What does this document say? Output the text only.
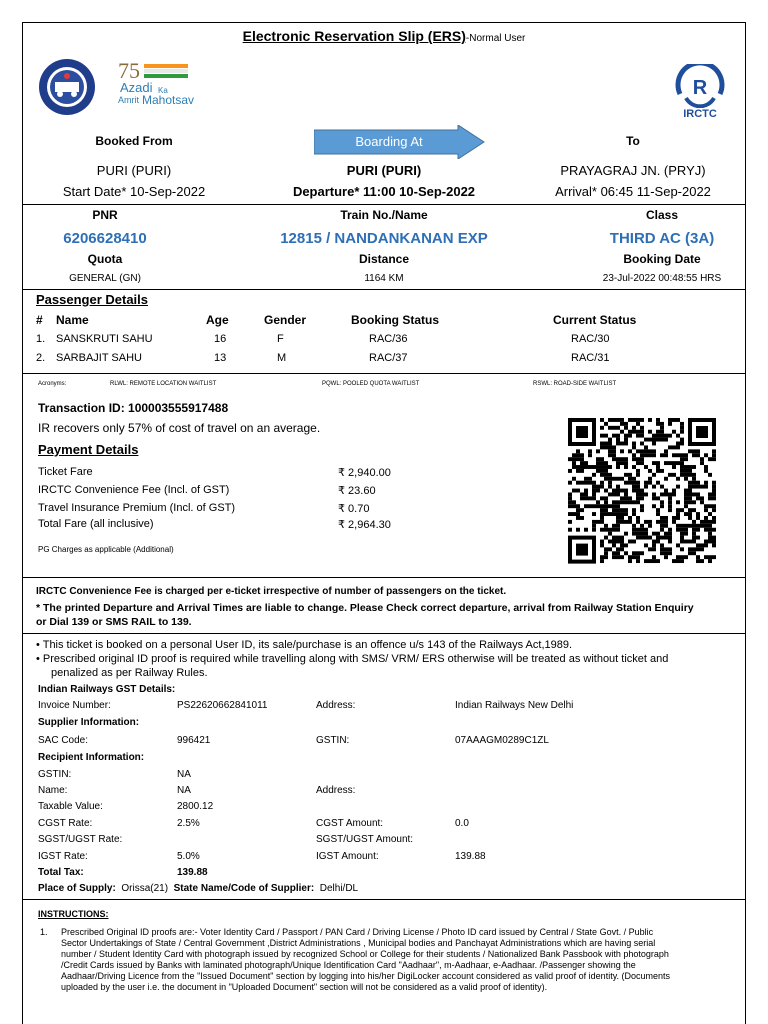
Electronic Reservation Slip (ERS)-Normal User
75
Azadi Ka
Amrit Mahotsav
R
IRCTC
Booked From	Boarding At	To
PURI (PURI)	PURI (PURI)	PRAYAGRAJ JN. (PRYJ)
Start Date* 10-Sep-2022	Departure* 11:00 10-Sep-2022	Arrival* 06:45 11-Sep-2022
PNR	Train No./Name	Class
6206628410	12815 / NANDANKANAN EXP	THIRD AC (3A)
Quota	Distance	Booking Date
GENERAL (GN)	1164 KM	23-Jul-2022 00:48:55 HRS
Passenger Details
# Name	Age	Gender	Booking Status	Current Status
1. SANSKRUTI SAHU	16	F	RAC/36	RAC/30
2. SARBAJIT SAHU	13	M	RAC/37	RAC/31
Acronyms:	RLWL: REMOTE LOCATION WAITLIST	PQWL: POOLED QUOTA WAITLIST	RSWL: ROAD-SIDE WAITLIST
Transaction ID: 100003555917488
IR recovers only 57% of cost of travel on an average.
Payment Details
Ticket Fare	₹ 2,940.00
IRCTC Convenience Fee (Incl. of GST)	₹ 23.60
Travel Insurance Premium (Incl. of GST)	₹ 0.70
Total Fare (all inclusive)	₹ 2,964.30
PG Charges as applicable (Additional)
IRCTC Convenience Fee is charged per e-ticket irrespective of number of passengers on the ticket.
* The printed Departure and Arrival Times are liable to change. Please Check correct departure, arrival from Railway Station Enquiry
or Dial 139 or SMS RAIL to 139.
• This ticket is booked on a personal User ID, its sale/purchase is an offence u/s 143 of the Railways Act,1989.
• Prescribed original ID proof is required while travelling along with SMS/ VRM/ ERS otherwise will be treated as without ticket and
penalized as per Railway Rules.
Indian Railways GST Details:
Invoice Number:	PS22620662841011	Address:	Indian Railways New Delhi
Supplier Information:
SAC Code:	996421	GSTIN:	07AAAGM0289C1ZL
Recipient Information:
GSTIN:	NA
Name:	NA	Address:
Taxable Value:	2800.12
CGST Rate:	2.5%	CGST Amount:	0.0
SGST/UGST Rate:	SGST/UGST Amount:
IGST Rate:	5.0%	IGST Amount:	139.88
Total Tax:	139.88
Place of Supply: Orissa(21) State Name/Code of Supplier: Delhi/DL
INSTRUCTIONS:
1. Prescribed Original ID proofs are:- Voter Identity Card / Passport / PAN Card / Driving License / Photo ID card issued by Central / State Govt. / Public
Sector Undertakings of State / Central Government ,District Administrations , Municipal bodies and Panchayat Administrations which are having serial
number / Student Identity Card with photograph issued by recognized School or College for their students / Nationalized Bank Passbook with photograph
/Credit Cards issued by Banks with laminated photograph/Unique Identification Card "Aadhaar", m-Aadhaar, e-Aadhaar. /Passenger showing the
Aadhaar/Driving Licence from the "Issued Document" section by logging into his/her DigiLocker account considered as valid proof of identity. (Documents
uploaded by the user i.e. the document in "Uploaded Document" section will not be considered as a valid proof of identity).
